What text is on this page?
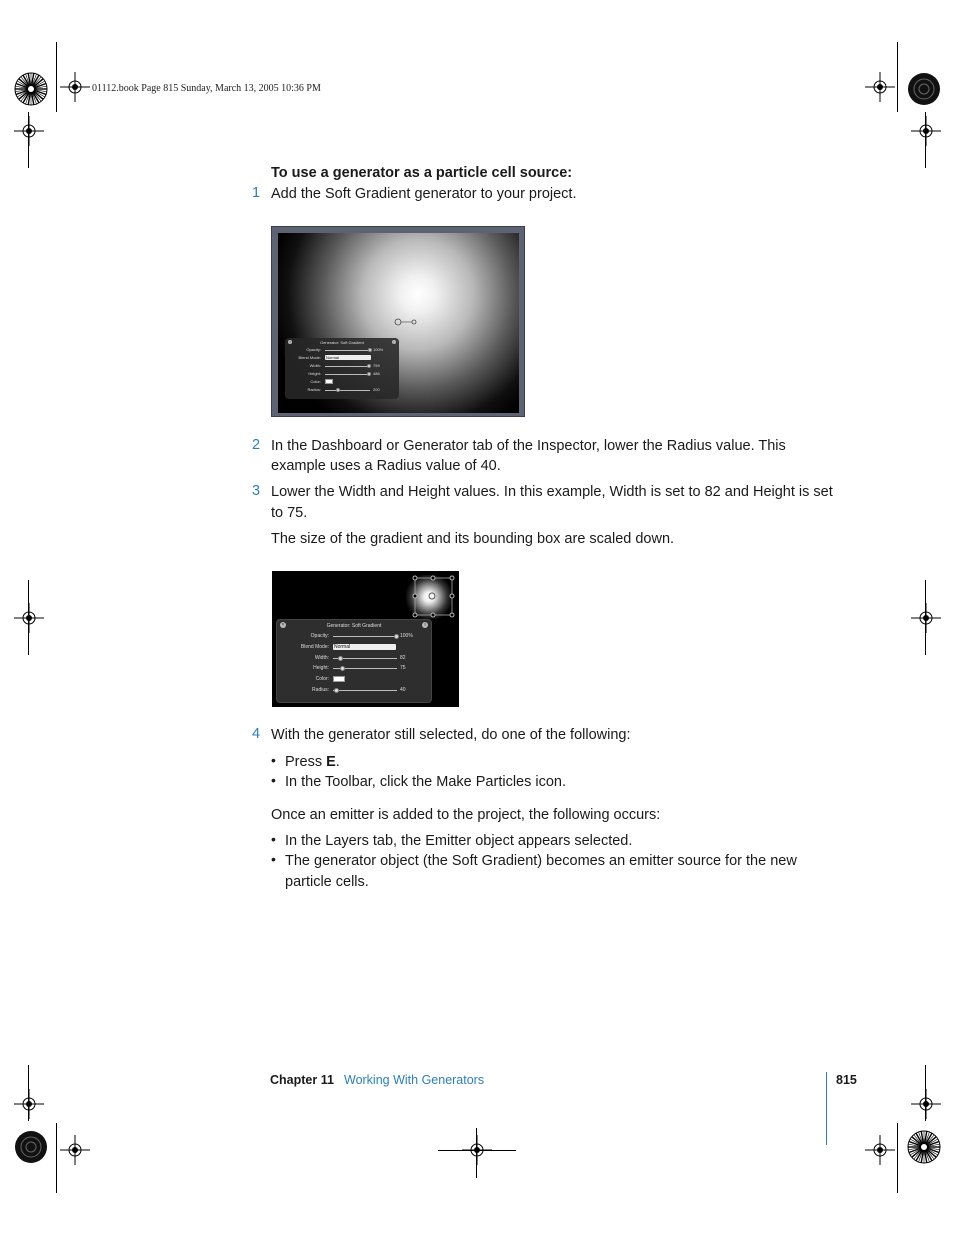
01112.book Page 815 Sunday, March 13, 2005 10:36 PM
To use a generator as a particle cell source:
1 Add the Soft Gradient generator to your project.
×	Generator: Soft Gradient	i
Opacity:	100%
Blend Mode: Normal
Width:	759
Height:	486
Color:
Radius:	200
2 In the Dashboard or Generator tab of the Inspector, lower the Radius value. This
example uses a Radius value of 40.
3 Lower the Width and Height values. In this example, Width is set to 82 and Height is set
to 75.
The size of the gradient and its bounding box are scaled down.
×	Generator: Soft Gradient	i
Opacity:	100%
Blend Mode: Normal
Width:	82
Height:	75
Color:
Radius:	40
4 With the generator still selected, do one of the following:
• Press E.
• In the Toolbar, click the Make Particles icon.
Once an emitter is added to the project, the following occurs:
• In the Layers tab, the Emitter object appears selected.
• The generator object (the Soft Gradient) becomes an emitter source for the new
particle cells.
Chapter 11 Working With Generators	815
